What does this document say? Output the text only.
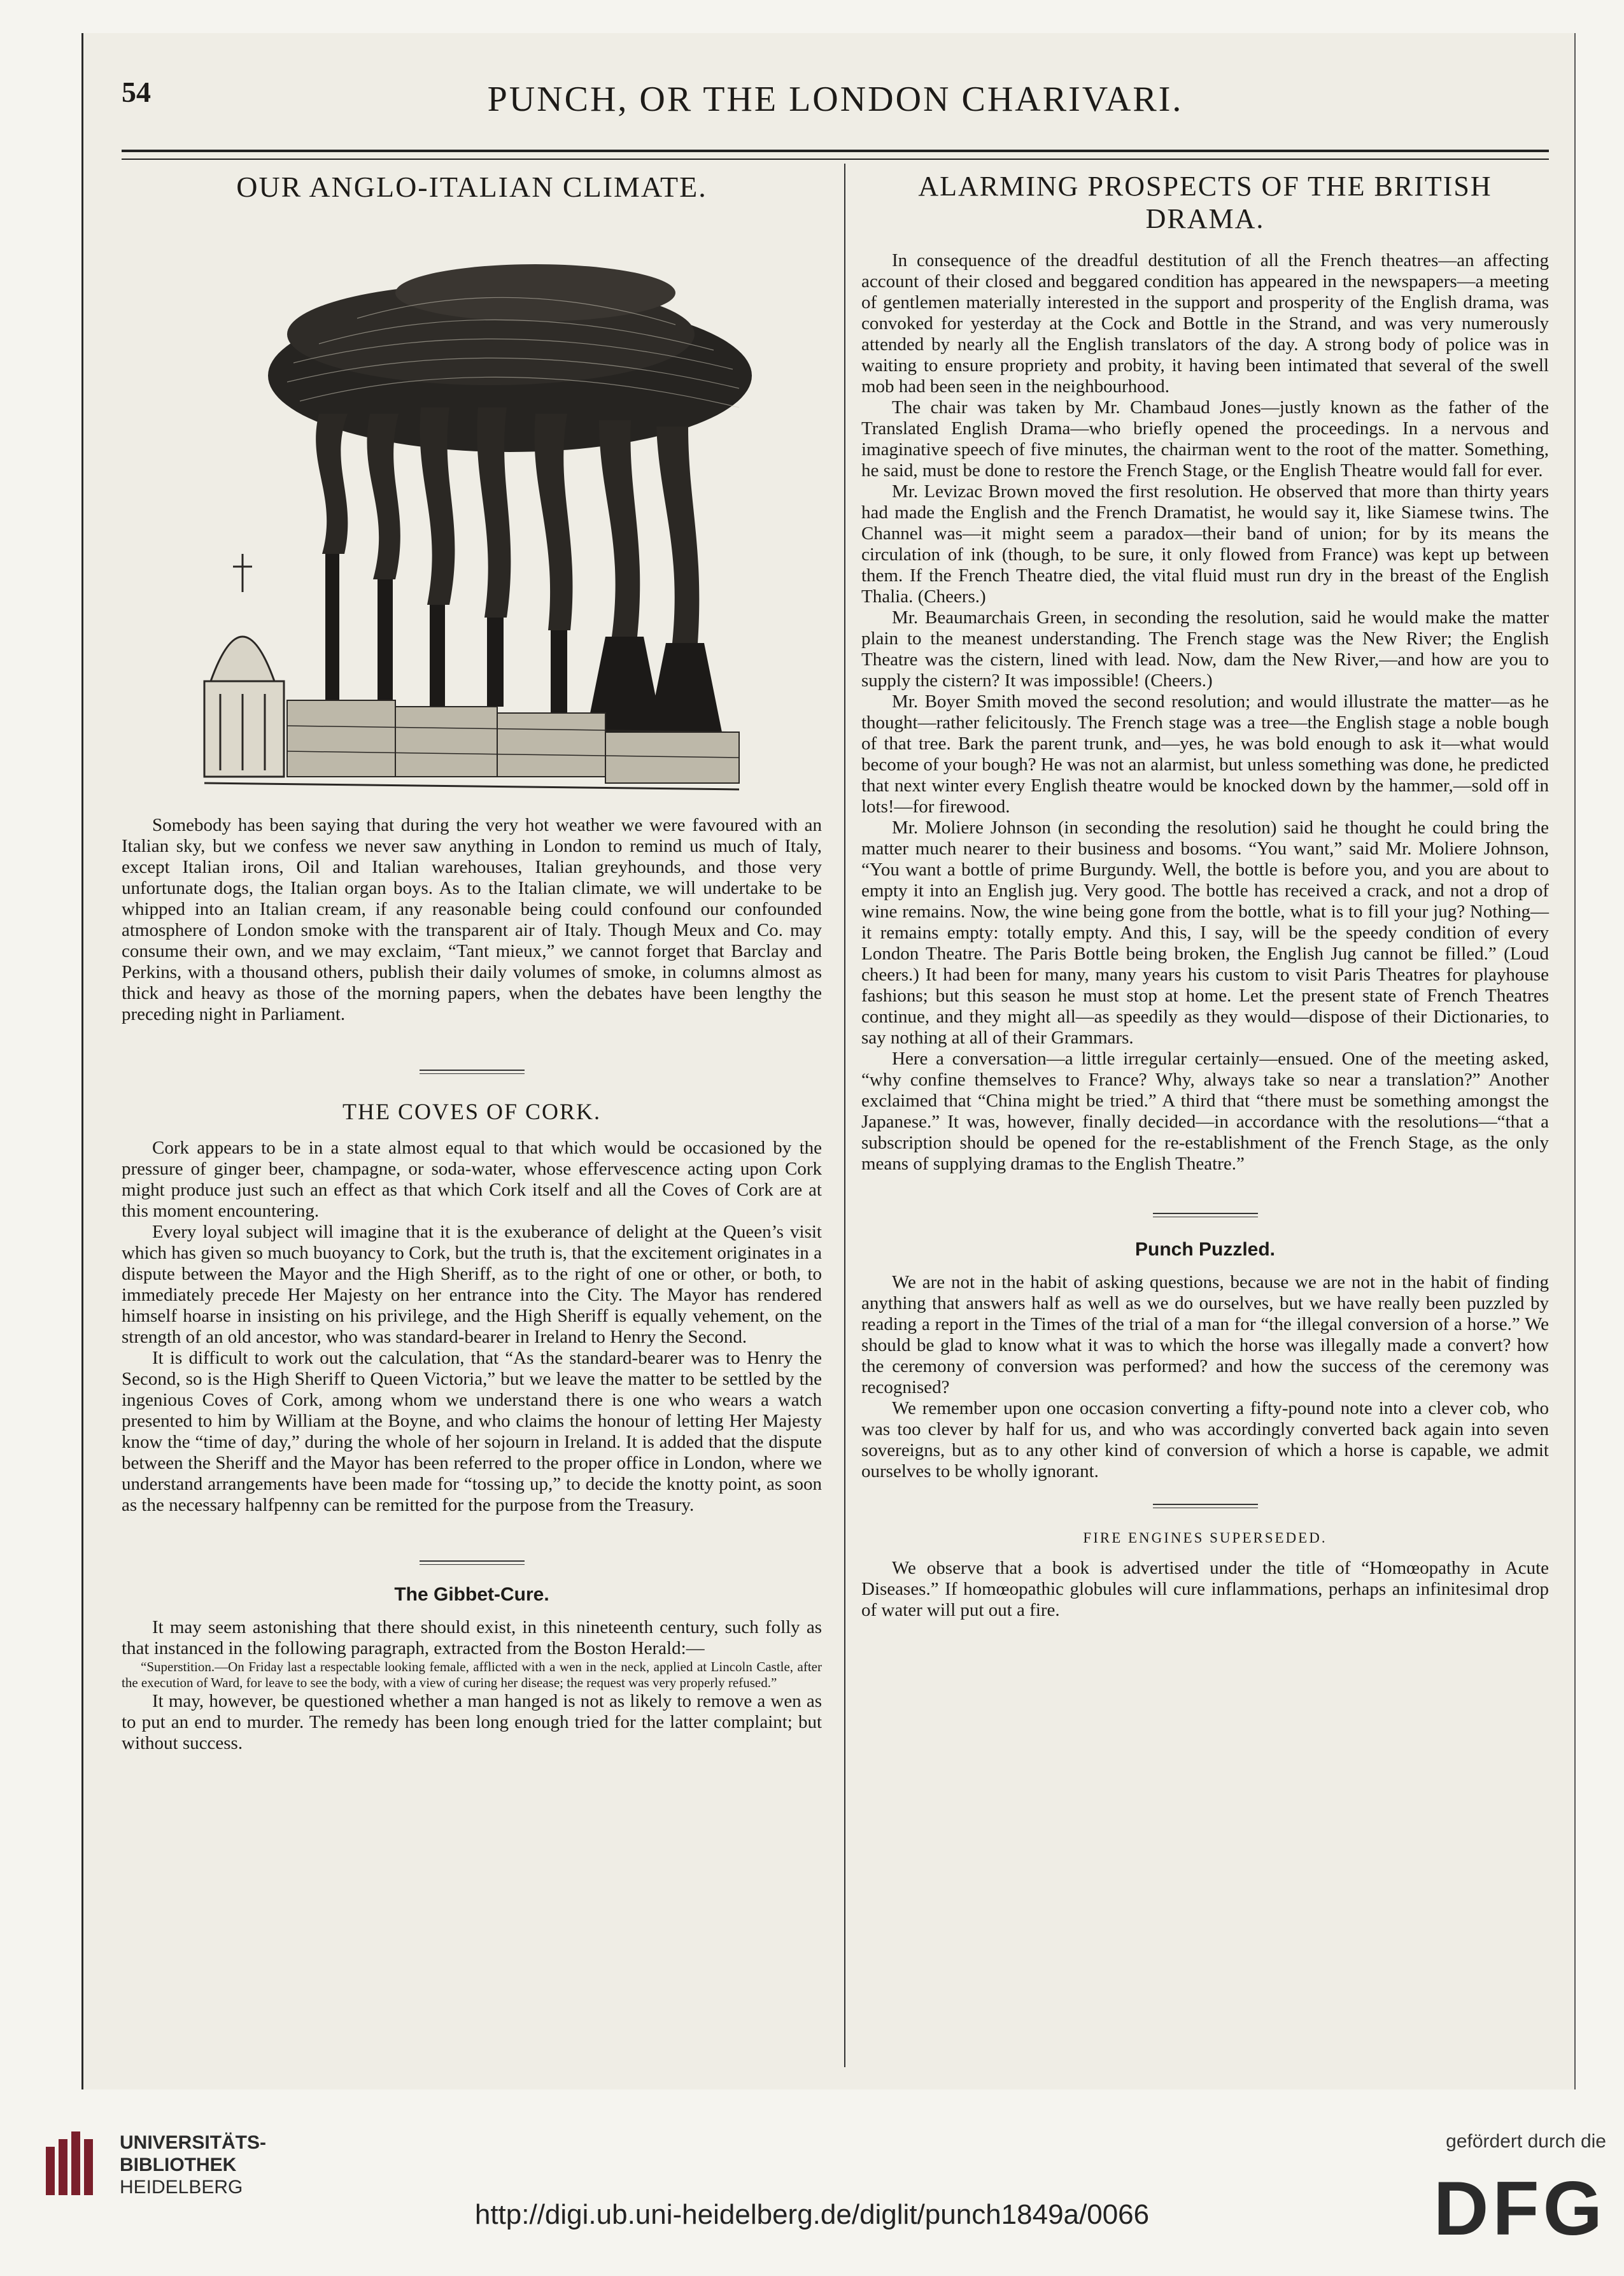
54	PUNCH, OR THE LONDON CHARIVARI.
OUR ANGLO-ITALIAN CLIMATE.

Somebody has been saying that during the very hot weather we were favoured with an Italian sky, but we confess we never saw anything in London to remind us much of Italy, except Italian irons, Oil and Italian warehouses, Italian greyhounds, and those very unfortunate dogs, the Italian organ boys. As to the Italian climate, we will undertake to be whipped into an Italian cream, if any reasonable being could confound our confounded atmosphere of London smoke with the transparent air of Italy. Though Meux and Co. may consume their own, and we may exclaim, “Tant mieux,” we cannot forget that Barclay and Perkins, with a thousand others, publish their daily volumes of smoke, in columns almost as thick and heavy as those of the morning papers, when the debates have been lengthy the preceding night in Parliament.

THE COVES OF CORK.

Cork appears to be in a state almost equal to that which would be occasioned by the pressure of ginger beer, champagne, or soda-water, whose effervescence acting upon Cork might produce just such an effect as that which Cork itself and all the Coves of Cork are at this moment encountering.

Every loyal subject will imagine that it is the exuberance of delight at the Queen’s visit which has given so much buoyancy to Cork, but the truth is, that the excitement originates in a dispute between the Mayor and the High Sheriff, as to the right of one or other, or both, to immediately precede Her Majesty on her entrance into the City. The Mayor has rendered himself hoarse in insisting on his privilege, and the High Sheriff is equally vehement, on the strength of an old ancestor, who was standard-bearer in Ireland to Henry the Second.

It is difficult to work out the calculation, that “As the standard-bearer was to Henry the Second, so is the High Sheriff to Queen Victoria,” but we leave the matter to be settled by the ingenious Coves of Cork, among whom we understand there is one who wears a watch presented to him by William at the Boyne, and who claims the honour of letting Her Majesty know the “time of day,” during the whole of her sojourn in Ireland. It is added that the dispute between the Sheriff and the Mayor has been referred to the proper office in London, where we understand arrangements have been made for “tossing up,” to decide the knotty point, as soon as the necessary halfpenny can be remitted for the purpose from the Treasury.

The Gibbet-Cure.

It may seem astonishing that there should exist, in this nineteenth century, such folly as that instanced in the following paragraph, extracted from the Boston Herald:—

“Superstition.—On Friday last a respectable looking female, afflicted with a wen in the neck, applied at Lincoln Castle, after the execution of Ward, for leave to see the body, with a view of curing her disease; the request was very properly refused.”

It may, however, be questioned whether a man hanged is not as likely to remove a wen as to put an end to murder. The remedy has been long enough tried for the latter complaint; but without success.

ALARMING PROSPECTS OF THE BRITISH DRAMA.

In consequence of the dreadful destitution of all the French theatres—an affecting account of their closed and beggared condition has appeared in the newspapers—a meeting of gentlemen materially interested in the support and prosperity of the English drama, was convoked for yesterday at the Cock and Bottle in the Strand, and was very numerously attended by nearly all the English translators of the day. A strong body of police was in waiting to ensure propriety and probity, it having been intimated that several of the swell mob had been seen in the neighbourhood.

The chair was taken by Mr. Chambaud Jones—justly known as the father of the Translated English Drama—who briefly opened the proceedings. In a nervous and imaginative speech of five minutes, the chairman went to the root of the matter. Something, he said, must be done to restore the French Stage, or the English Theatre would fall for ever.

Mr. Levizac Brown moved the first resolution. He observed that more than thirty years had made the English and the French Dramatist, he would say it, like Siamese twins. The Channel was—it might seem a paradox—their band of union; for by its means the circulation of ink (though, to be sure, it only flowed from France) was kept up between them. If the French Theatre died, the vital fluid must run dry in the breast of the English Thalia. (Cheers.)

Mr. Beaumarchais Green, in seconding the resolution, said he would make the matter plain to the meanest understanding. The French stage was the New River; the English Theatre was the cistern, lined with lead. Now, dam the New River,—and how are you to supply the cistern? It was impossible! (Cheers.)

Mr. Boyer Smith moved the second resolution; and would illustrate the matter—as he thought—rather felicitously. The French stage was a tree—the English stage a noble bough of that tree. Bark the parent trunk, and—yes, he was bold enough to ask it—what would become of your bough? He was not an alarmist, but unless something was done, he predicted that next winter every English theatre would be knocked down by the hammer,—sold off in lots!—for firewood.

Mr. Moliere Johnson (in seconding the resolution) said he thought he could bring the matter much nearer to their business and bosoms. “You want,” said Mr. Moliere Johnson, “You want a bottle of prime Burgundy. Well, the bottle is before you, and you are about to empty it into an English jug. Very good. The bottle has received a crack, and not a drop of wine remains. Now, the wine being gone from the bottle, what is to fill your jug? Nothing—it remains empty: totally empty. And this, I say, will be the speedy condition of every London Theatre. The Paris Bottle being broken, the English Jug cannot be filled.” (Loud cheers.) It had been for many, many years his custom to visit Paris Theatres for playhouse fashions; but this season he must stop at home. Let the present state of French Theatres continue, and they might all—as speedily as they would—dispose of their Dictionaries, to say nothing at all of their Grammars.

Here a conversation—a little irregular certainly—ensued. One of the meeting asked, “why confine themselves to France? Why, always take so near a translation?” Another exclaimed that “China might be tried.” A third that “there must be something amongst the Japanese.” It was, however, finally decided—in accordance with the resolutions—“that a subscription should be opened for the re-establishment of the French Stage, as the only means of supplying dramas to the English Theatre.”

Punch Puzzled.

We are not in the habit of asking questions, because we are not in the habit of finding anything that answers half as well as we do ourselves, but we have really been puzzled by reading a report in the Times of the trial of a man for “the illegal conversion of a horse.” We should be glad to know what it was to which the horse was illegally made a convert? how the ceremony of conversion was performed? and how the success of the ceremony was recognised?

We remember upon one occasion converting a fifty-pound note into a clever cob, who was too clever by half for us, and who was accordingly converted back again into seven sovereigns, but as to any other kind of conversion of which a horse is capable, we admit ourselves to be wholly ignorant.

FIRE ENGINES SUPERSEDED.

We observe that a book is advertised under the title of “Homœopathy in Acute Diseases.” If homœopathic globules will cure inflammations, perhaps an infinitesimal drop of water will put out a fire.

UNIVERSITÄTS-
BIBLIOTHEK
HEIDELBERG
http://digi.ub.uni-heidelberg.de/diglit/punch1849a/0066
gefördert durch die
DFG
